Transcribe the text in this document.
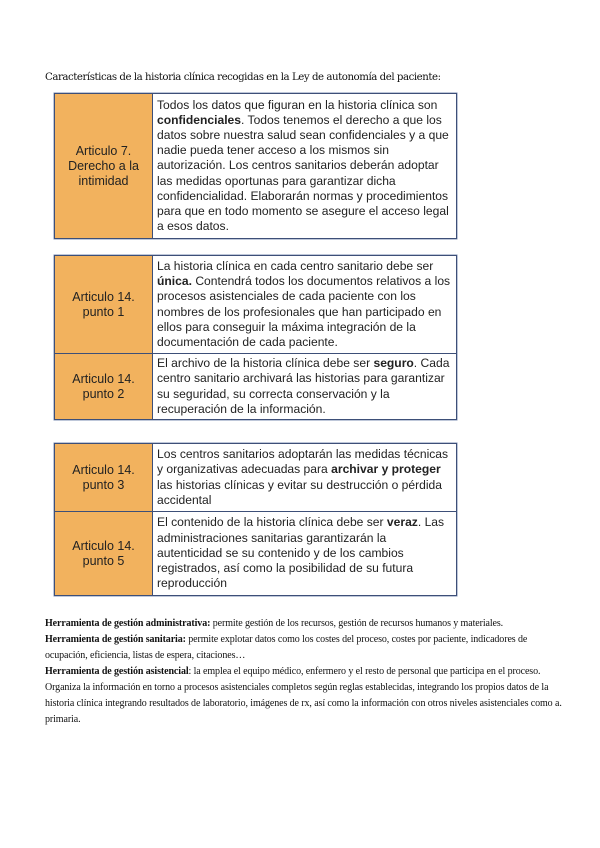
Características de la historia clínica recogidas en la Ley de autonomía del paciente:
Articulo 7.
Derecho a la
intimidad
	Todos los datos que figuran en la historia clínica son confidenciales. Todos tenemos el derecho a que los datos sobre nuestra salud sean confidenciales y a que nadie pueda tener acceso a los mismos sin autorización. Los centros sanitarios deberán adoptar las medidas oportunas para garantizar dicha confidencialidad. Elaborarán normas y procedimientos para que en todo momento se asegure el acceso legal a esos datos.
Articulo 14.
punto 1	La historia clínica en cada centro sanitario debe ser única. Contendrá todos los documentos relativos a los procesos asistenciales de cada paciente con los nombres de los profesionales que han participado en ellos para conseguir la máxima integración de la documentación de cada paciente.

Articulo 14.
punto 2	El archivo de la historia clínica debe ser seguro. Cada centro sanitario archivará las historias para garantizar su seguridad, su correcta conservación y la recuperación de la información.
Articulo 14.
punto 3	Los centros sanitarios adoptarán las medidas técnicas y organizativas adecuadas para archivar y proteger las historias clínicas y evitar su destrucción o pérdida accidental

Articulo 14.
punto 5	El contenido de la historia clínica debe ser veraz. Las administraciones sanitarias garantizarán la autenticidad se su contenido y de los cambios registrados, así como la posibilidad de su futura reproducción

Herramienta de gestión administrativa: permite gestión de los recursos, gestión de recursos humanos y materiales.

Herramienta de gestión sanitaria: permite explotar datos como los costes del proceso, costes por paciente, indicadores de ocupación, eficiencia, listas de espera, citaciones…

Herramienta de gestión asistencial: la emplea el equipo médico, enfermero y el resto de personal que participa en el proceso. Organiza la información en torno a procesos asistenciales completos según reglas establecidas, integrando los propios datos de la historia clínica integrando resultados de laboratorio, imágenes de rx, así como la información con otros niveles asistenciales como a. primaria.
